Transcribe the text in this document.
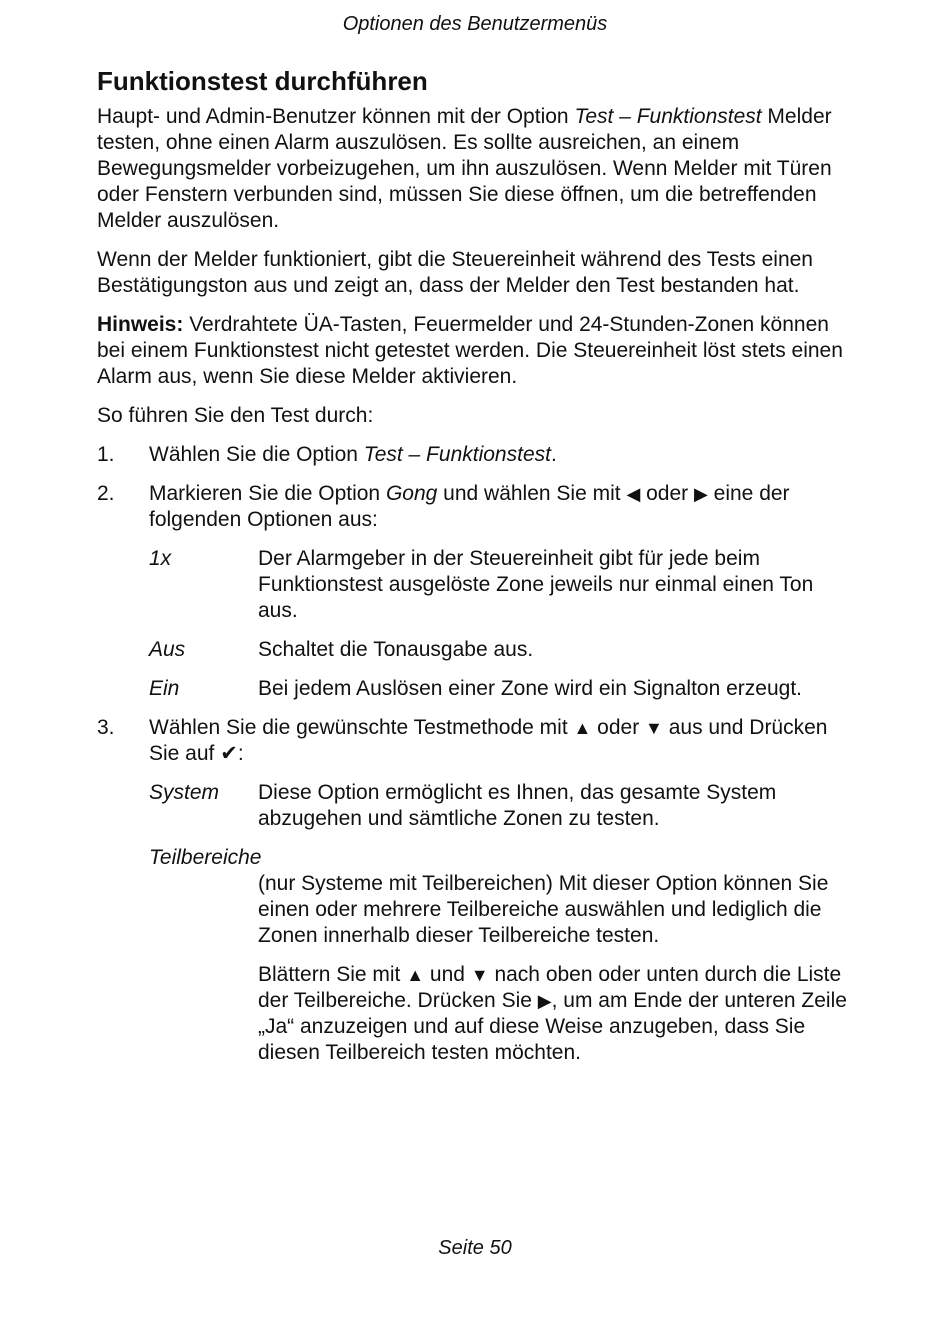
Optionen des Benutzermenüs
Funktionstest durchführen

Haupt- und Admin-Benutzer können mit der Option Test – Funktionstest Melder testen, ohne einen Alarm auszulösen. Es sollte ausreichen, an einem Bewegungsmelder vorbeizugehen, um ihn auszulösen. Wenn Melder mit Türen oder Fenstern verbunden sind, müssen Sie diese öffnen, um die betreffenden Melder auszulösen.

Wenn der Melder funktioniert, gibt die Steuereinheit während des Tests einen Bestätigungston aus und zeigt an, dass der Melder den Test bestanden hat.

Hinweis: Verdrahtete ÜA-Tasten, Feuermelder und 24-Stunden-Zonen können bei einem Funktionstest nicht getestet werden. Die Steuereinheit löst stets einen Alarm aus, wenn Sie diese Melder aktivieren.

So führen Sie den Test durch:

1.	Wählen Sie die Option Test – Funktionstest.
2.	Markieren Sie die Option Gong und wählen Sie mit ◀ oder ▶ eine der folgenden Optionen aus:
1x	Der Alarmgeber in der Steuereinheit gibt für jede beim Funktionstest ausgelöste Zone jeweils nur einmal einen Ton aus.
Aus	Schaltet die Tonausgabe aus.
Ein	Bei jedem Auslösen einer Zone wird ein Signalton erzeugt.
3.	Wählen Sie die gewünschte Testmethode mit ▲ oder ▼ aus und Drücken Sie auf ✔:
System	Diese Option ermöglicht es Ihnen, das gesamte System abzugehen und sämtliche Zonen zu testen.
Teilbereiche

(nur Systeme mit Teilbereichen) Mit dieser Option können Sie einen oder mehrere Teilbereiche auswählen und lediglich die Zonen innerhalb dieser Teilbereiche testen.

Blättern Sie mit ▲ und ▼ nach oben oder unten durch die Liste der Teilbereiche. Drücken Sie ▶, um am Ende der unteren Zeile „Ja“ anzuzeigen und auf diese Weise anzugeben, dass Sie diesen Teilbereich testen möchten.

Seite 50
